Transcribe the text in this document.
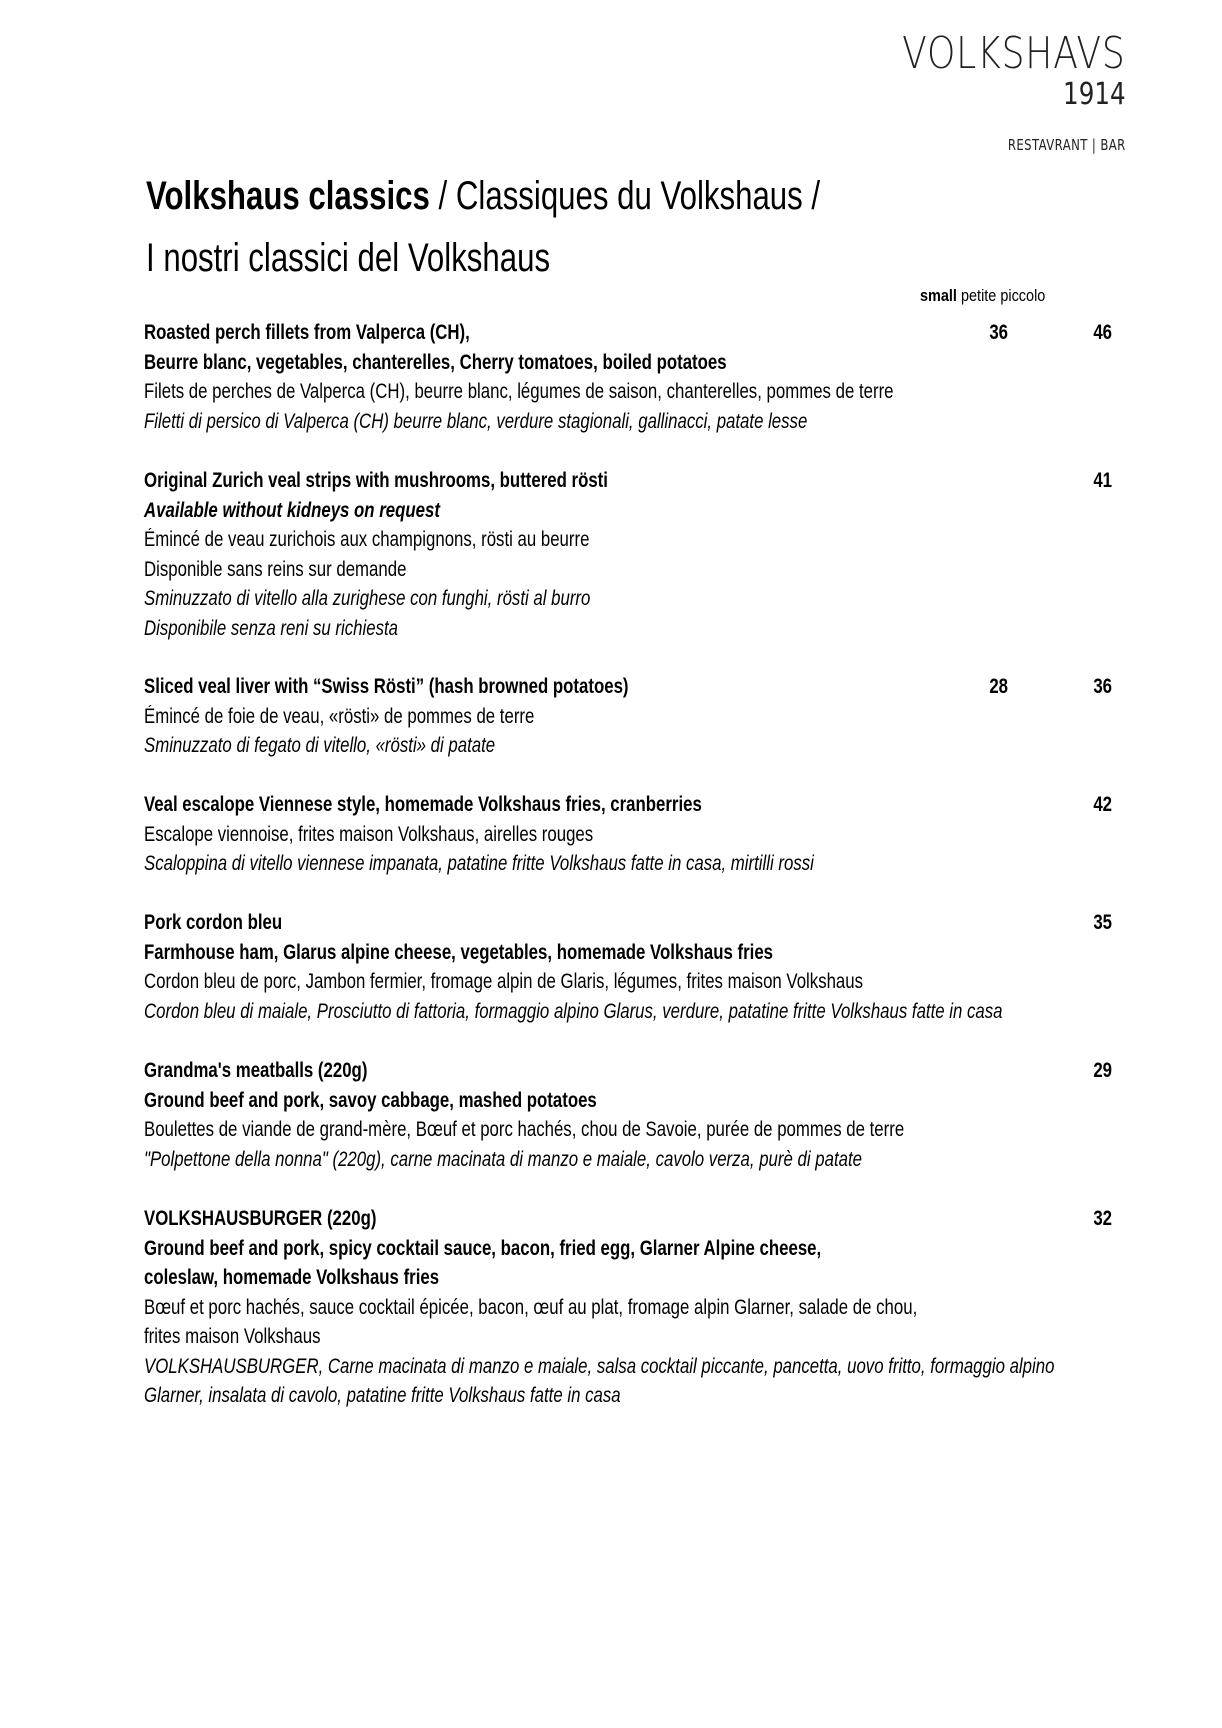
VOLKSHAVS
1914
RESTAVRANT | BAR
Volkshaus classics / Classiques du Volkshaus /
I nostri classici del Volkshaus
small petite piccolo
Roasted perch fillets from Valperca (CH),
Beurre blanc, vegetables, chanterelles, Cherry tomatoes, boiled potatoes
Filets de perches de Valperca (CH), beurre blanc, légumes de saison, chanterelles, pommes de terre
Filetti di persico di Valperca (CH) beurre blanc, verdure stagionali, gallinacci, patate lesse
36	46
Original Zurich veal strips with mushrooms, buttered rösti
Available without kidneys on request
Émincé de veau zurichois aux champignons, rösti au beurre
Disponible sans reins sur demande
Sminuzzato di vitello alla zurighese con funghi, rösti al burro
Disponibile senza reni su richiesta
41
Sliced veal liver with “Swiss Rösti” (hash browned potatoes)
Émincé de foie de veau, «rösti» de pommes de terre
Sminuzzato di fegato di vitello, «rösti» di patate
28	36
Veal escalope Viennese style, homemade Volkshaus fries, cranberries
Escalope viennoise, frites maison Volkshaus, airelles rouges
Scaloppina di vitello viennese impanata, patatine fritte Volkshaus fatte in casa, mirtilli rossi
42
Pork cordon bleu
Farmhouse ham, Glarus alpine cheese, vegetables, homemade Volkshaus fries
Cordon bleu de porc, Jambon fermier, fromage alpin de Glaris, légumes, frites maison Volkshaus
Cordon bleu di maiale, Prosciutto di fattoria, formaggio alpino Glarus, verdure, patatine fritte Volkshaus fatte in casa
35
Grandma's meatballs (220g)
Ground beef and pork, savoy cabbage, mashed potatoes
Boulettes de viande de grand-mère, Bœuf et porc hachés, chou de Savoie, purée de pommes de terre
"Polpettone della nonna" (220g), carne macinata di manzo e maiale, cavolo verza, purè di patate
29
VOLKSHAUSBURGER (220g)
Ground beef and pork, spicy cocktail sauce, bacon, fried egg, Glarner Alpine cheese,
coleslaw, homemade Volkshaus fries
Bœuf et porc hachés, sauce cocktail épicée, bacon, œuf au plat, fromage alpin Glarner, salade de chou,
frites maison Volkshaus
VOLKSHAUSBURGER, Carne macinata di manzo e maiale, salsa cocktail piccante, pancetta, uovo fritto, formaggio alpino
Glarner, insalata di cavolo, patatine fritte Volkshaus fatte in casa
32
